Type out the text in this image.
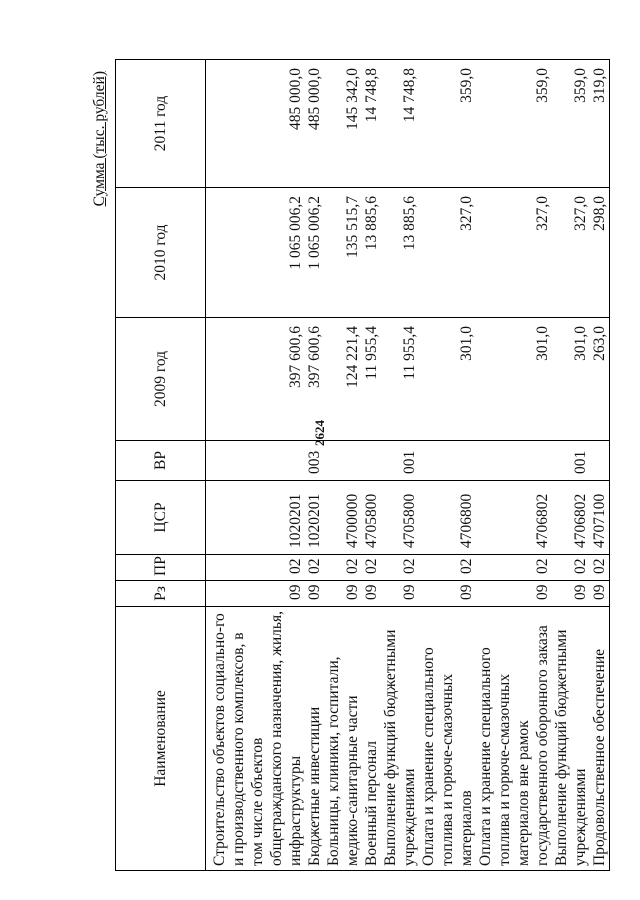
2624
Сумма (тыс. рублей)
Наименование	Рз	ПР	ЦСР	ВР	2009 год	2010 год	2011 год

Строительство объектов социально-го и производственного комплексов, в том числе объектов общегражданского назначения, жилья, инфраструктуры	09	02	1020201		397 600,6	1 065 006,2	485 000,0
Бюджетные инвестиции	09	02	1020201	003	397 600,6	1 065 006,2	485 000,0
Больницы, клиники, госпитали, медико-санитарные части	09	02	4700000		124 221,4	135 515,7	145 342,0
Военный персонал	09	02	4705800		11 955,4	13 885,6	14 748,8
Выполнение функций бюджетными учреждениями	09	02	4705800	001	11 955,4	13 885,6	14 748,8
Оплата и хранение специального топлива и горюче-смазочных материалов	09	02	4706800		301,0	327,0	359,0
Оплата и хранение специального топлива и горюче-смазочных материалов вне рамок государственного оборонного заказа	09	02	4706802		301,0	327,0	359,0
Выполнение функций бюджетными учреждениями	09	02	4706802	001	301,0	327,0	359,0
Продовольственное обеспечение	09	02	4707100		263,0	298,0	319,0
